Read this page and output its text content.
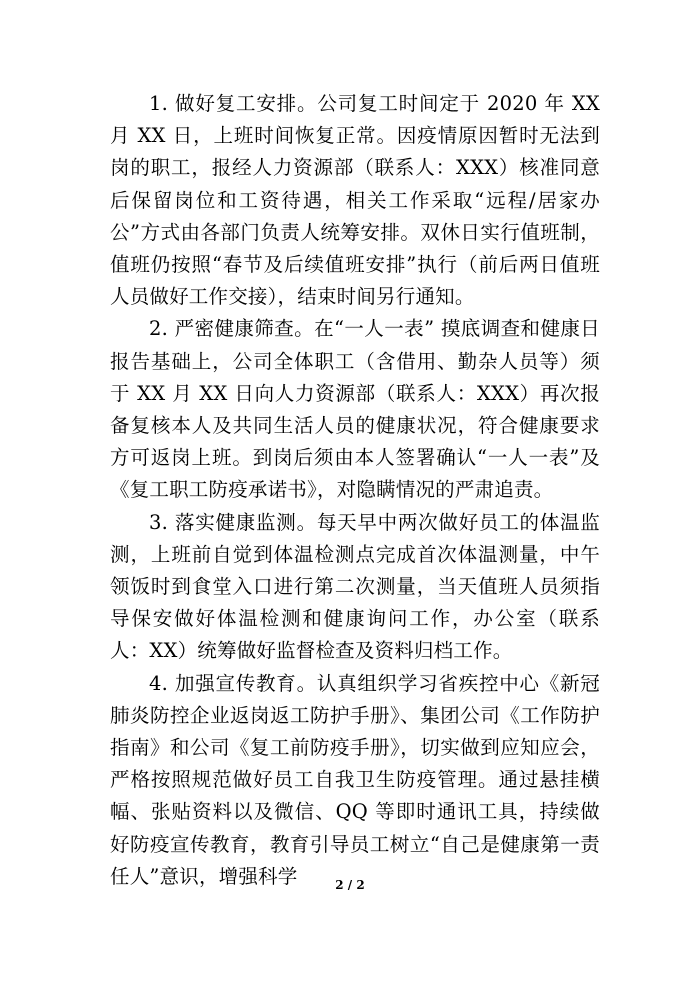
1. 做好复工安排。公司复工时间定于 2020 年 XX 月 XX 日，上班时间恢复正常。因疫情原因暂时无法到岗的职工，报经人力资源部（联系人：XXX）核准同意后保留岗位和工资待遇，相关工作采取“远程/居家办公”方式由各部门负责人统筹安排。双休日实行值班制，值班仍按照“春节及后续值班安排”执行（前后两日值班人员做好工作交接），结束时间另行通知。

2. 严密健康筛查。在“一人一表” 摸底调查和健康日报告基础上，公司全体职工（含借用、勤杂人员等）须于 XX 月 XX 日向人力资源部（联系人：XXX）再次报备复核本人及共同生活人员的健康状况，符合健康要求方可返岗上班。到岗后须由本人签署确认“一人一表”及《复工职工防疫承诺书》，对隐瞒情况的严肃追责。

3. 落实健康监测。每天早中两次做好员工的体温监测，上班前自觉到体温检测点完成首次体温测量，中午领饭时到食堂入口进行第二次测量，当天值班人员须指导保安做好体温检测和健康询问工作，办公室（联系人：XX）统筹做好监督检查及资料归档工作。

4. 加强宣传教育。认真组织学习省疾控中心《新冠肺炎防控企业返岗返工防护手册》、集团公司《工作防护指南》和公司《复工前防疫手册》，切实做到应知应会，严格按照规范做好员工自我卫生防疫管理。通过悬挂横幅、张贴资料以及微信、QQ 等即时通讯工具，持续做好防疫宣传教育，教育引导员工树立“自己是健康第一责任人”意识，增强科学	2 / 2
